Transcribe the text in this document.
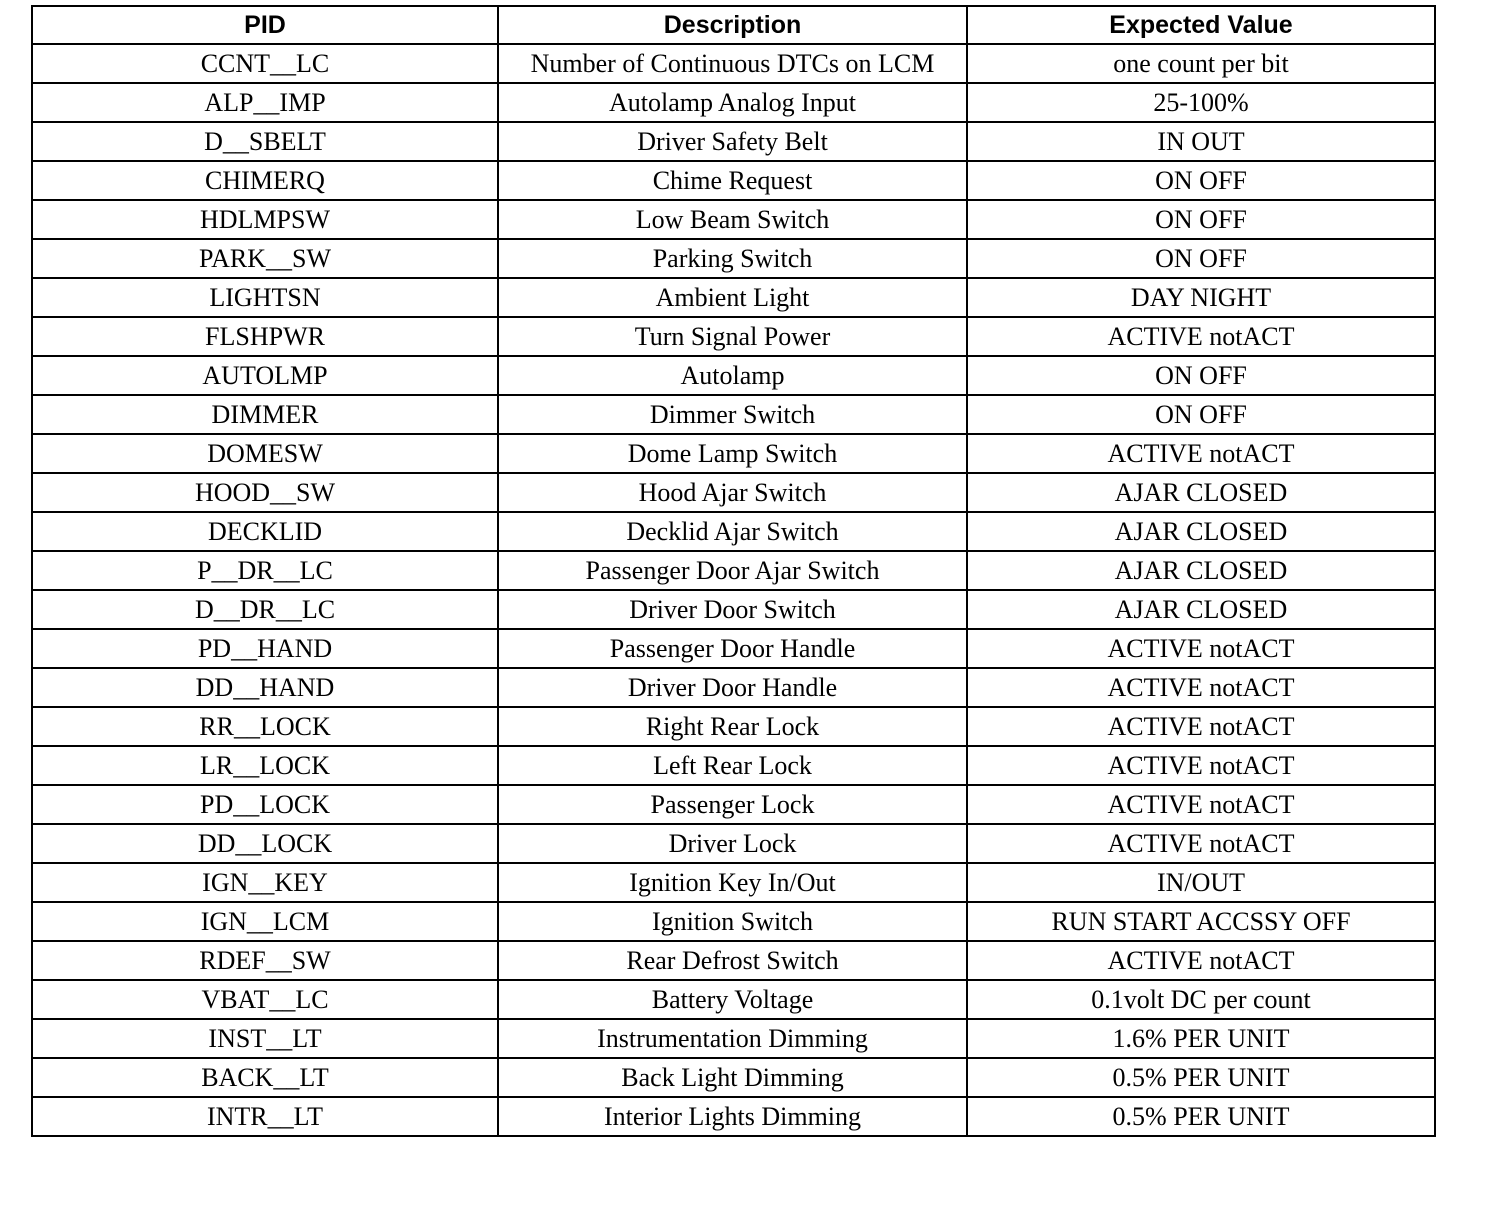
PID	Description	Expected Value
CCNT__LC	Number of Continuous DTCs on LCM	one count per bit
ALP__IMP	Autolamp Analog Input	25-100%
D__SBELT	Driver Safety Belt	IN OUT
CHIMERQ	Chime Request	ON OFF
HDLMPSW	Low Beam Switch	ON OFF
PARK__SW	Parking Switch	ON OFF
LIGHTSN	Ambient Light	DAY NIGHT
FLSHPWR	Turn Signal Power	ACTIVE notACT
AUTOLMP	Autolamp	ON OFF
DIMMER	Dimmer Switch	ON OFF
DOMESW	Dome Lamp Switch	ACTIVE notACT
HOOD__SW	Hood Ajar Switch	AJAR CLOSED
DECKLID	Decklid Ajar Switch	AJAR CLOSED
P__DR__LC	Passenger Door Ajar Switch	AJAR CLOSED
D__DR__LC	Driver Door Switch	AJAR CLOSED
PD__HAND	Passenger Door Handle	ACTIVE notACT
DD__HAND	Driver Door Handle	ACTIVE notACT
RR__LOCK	Right Rear Lock	ACTIVE notACT
LR__LOCK	Left Rear Lock	ACTIVE notACT
PD__LOCK	Passenger Lock	ACTIVE notACT
DD__LOCK	Driver Lock	ACTIVE notACT
IGN__KEY	Ignition Key In/Out	IN/OUT
IGN__LCM	Ignition Switch	RUN START ACCSSY OFF
RDEF__SW	Rear Defrost Switch	ACTIVE notACT
VBAT__LC	Battery Voltage	0.1volt DC per count
INST__LT	Instrumentation Dimming	1.6% PER UNIT
BACK__LT	Back Light Dimming	0.5% PER UNIT
INTR__LT	Interior Lights Dimming	0.5% PER UNIT
